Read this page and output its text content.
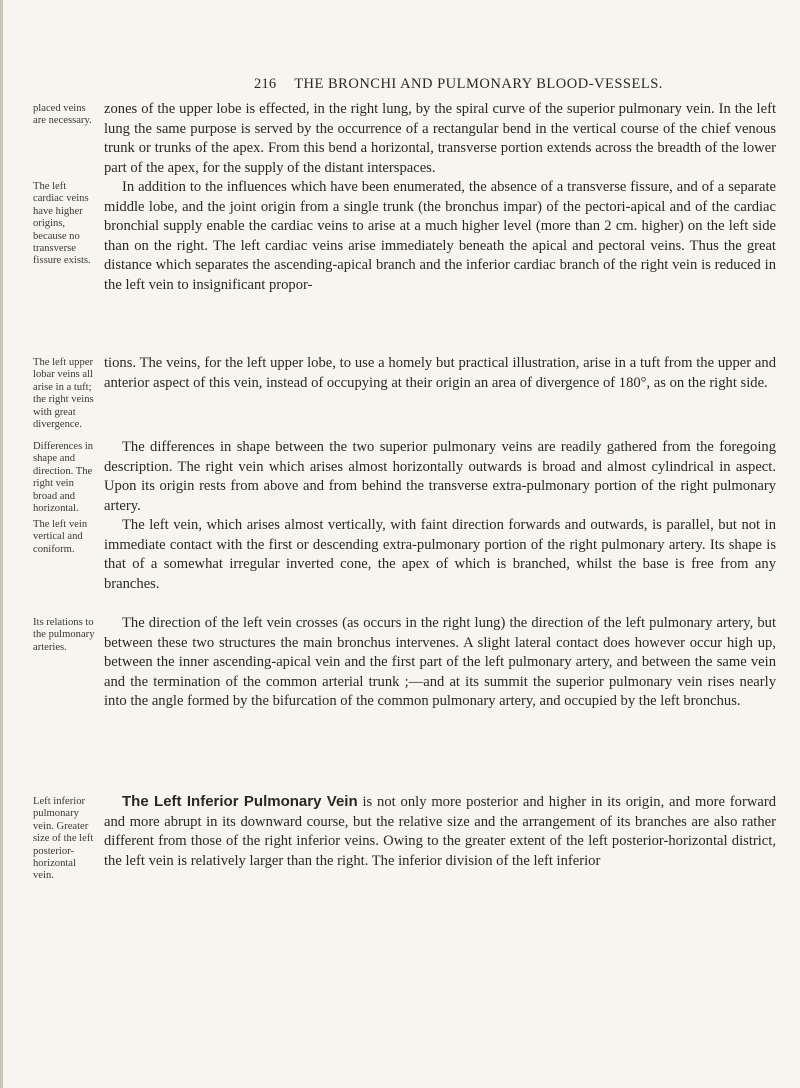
216 THE BRONCHI AND PULMONARY BLOOD-VESSELS.
placed veins are necessary.

zones of the upper lobe is effected, in the right lung, by the spiral curve of the superior pulmonary vein. In the left lung the same purpose is served by the occurrence of a rectangular bend in the vertical course of the chief venous trunk or trunks of the apex. From this bend a horizontal, transverse portion extends across the breadth of the lower part of the apex, for the supply of the distant interspaces.

The left cardiac veins have higher origins, because no transverse fissure exists.

In addition to the influences which have been enumerated, the absence of a transverse fissure, and of a separate middle lobe, and the joint origin from a single trunk (the bronchus impar) of the pectori-apical and of the cardiac bronchial supply enable the cardiac veins to arise at a much higher level (more than 2 cm. higher) on the left side than on the right. The left cardiac veins arise immediately beneath the apical and pectoral veins. Thus the great distance which separates the ascending-apical branch and the inferior cardiac branch of the right vein is reduced in the left vein to insignificant propor-

The left upper lobar veins all arise in a tuft; the right veins with great divergence.

tions. The veins, for the left upper lobe, to use a homely but practical illustration, arise in a tuft from the upper and anterior aspect of this vein, instead of occupying at their origin an area of divergence of 180°, as on the right side.

Differences in shape and direction. The right vein broad and horizontal.

The differences in shape between the two superior pulmonary veins are readily gathered from the foregoing description. The right vein which arises almost horizontally outwards is broad and almost cylindrical in aspect. Upon its origin rests from above and from behind the transverse extra-pulmonary portion of the right pulmonary artery.

The left vein vertical and coniform.

The left vein, which arises almost vertically, with faint direction forwards and outwards, is parallel, but not in immediate contact with the first or descending extra-pulmonary portion of the right pulmonary artery. Its shape is that of a somewhat irregular inverted cone, the apex of which is branched, whilst the base is free from any branches.

Its relations to the pulmonary arteries.

The direction of the left vein crosses (as occurs in the right lung) the direction of the left pulmonary artery, but between these two structures the main bronchus intervenes. A slight lateral contact does however occur high up, between the inner ascending-apical vein and the first part of the left pulmonary artery, and between the same vein and the termination of the common arterial trunk ;—and at its summit the superior pulmonary vein rises nearly into the angle formed by the bifurcation of the common pulmonary artery, and occupied by the left bronchus.

Left inferior pulmonary vein. Greater size of the left posterior-horizontal vein.

The Left Inferior Pulmonary Vein is not only more posterior and higher in its origin, and more forward and more abrupt in its downward course, but the relative size and the arrangement of its branches are also rather different from those of the right inferior veins. Owing to the greater extent of the left posterior-horizontal district, the left vein is relatively larger than the right. The inferior division of the left inferior
